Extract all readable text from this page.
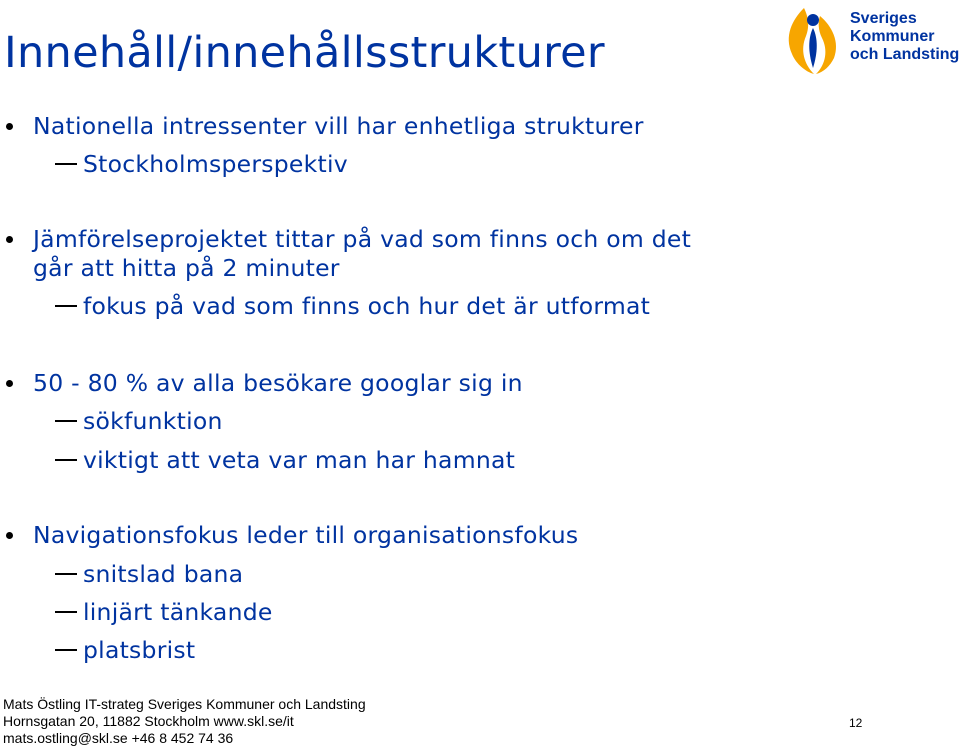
Innehåll/innehållsstrukturer
Sveriges
Kommuner
och Landsting
Nationella intressenter vill har enhetliga strukturer
Stockholmsperspektiv
Jämförelseprojektet tittar på vad som finns och om det
går att hitta på 2 minuter
fokus på vad som finns och hur det är utformat
50 - 80 % av alla besökare googlar sig in
sökfunktion
viktigt att veta var man har hamnat
Navigationsfokus leder till organisationsfokus
snitslad bana
linjärt tänkande
platsbrist
Mats Östling IT-strateg Sveriges Kommuner och Landsting
Hornsgatan 20, 11882 Stockholm www.skl.se/it
mats.ostling@skl.se +46 8 452 74 36
12
